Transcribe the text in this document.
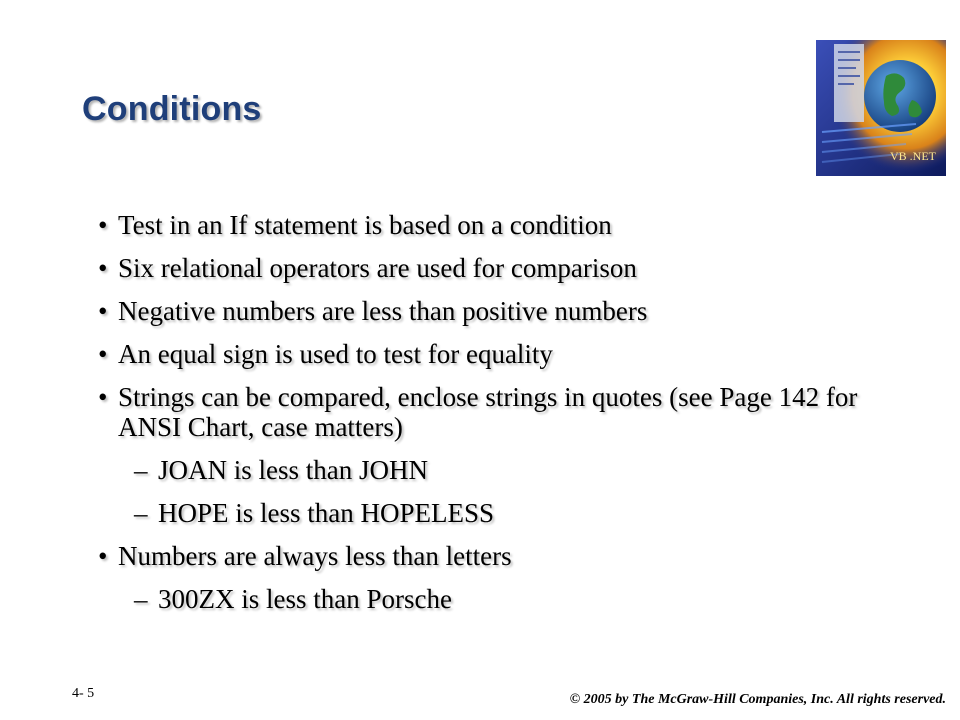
Conditions
VB .NET
• Test in an If statement is based on a condition
• Six relational operators are used for comparison
• Negative numbers are less than positive numbers
• An equal sign is used to test for equality
• Strings can be compared, enclose strings in quotes (see Page 142 for ANSI Chart, case matters)
– JOAN is less than JOHN
– HOPE is less than HOPELESS
• Numbers are always less than letters
– 300ZX is less than Porsche
4- 5	© 2005 by The McGraw-Hill Companies, Inc. All rights reserved.
